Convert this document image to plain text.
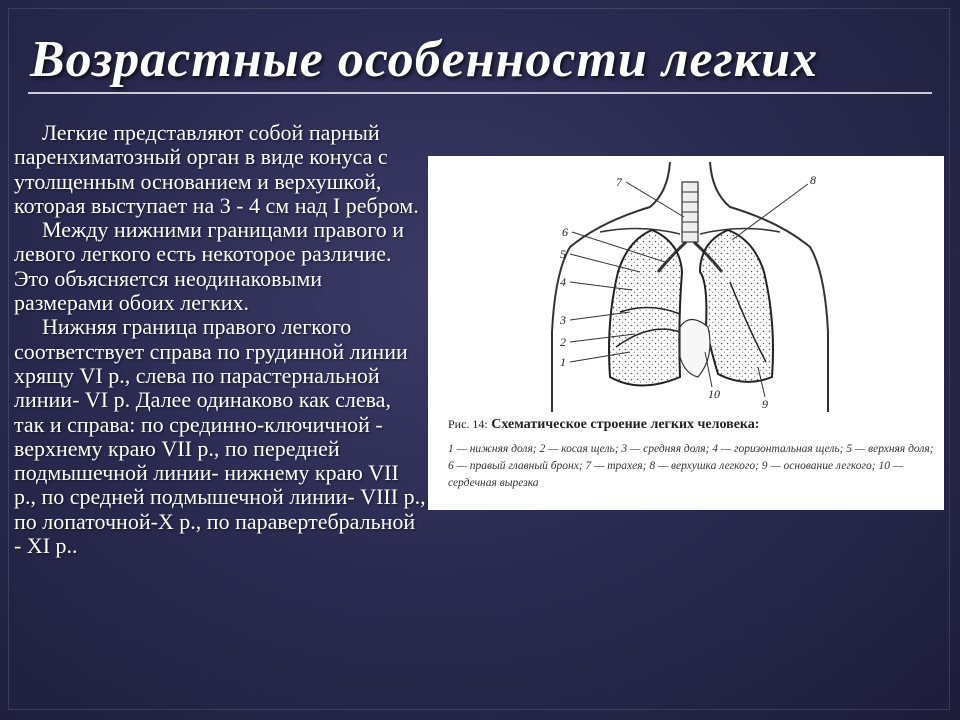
Возрастные особенности легких

Легкие представляют собой парный паренхиматозный орган в виде конуса с утолщенным основанием и верхушкой, которая выступает на 3 - 4 см над I ребром.

Между нижними границами правого и левого легкого есть некоторое различие. Это объясняется неодинаковыми размерами обоих легких.

Нижняя граница правого легкого соответствует справа по грудинной линии хрящу VI р., слева по парастернальной линии- VI р. Далее одинаково как слева, так и справа: по срединно-ключичной - верхнему краю VII р., по передней подмышечной линии- нижнему краю VII р., по средней подмышечной линии- VIII р., по лопаточной-X р., по паравертебральной - XI р..

1
2
3
4
5
6
7	8
9
10
Рис. 14: Схематическое строение легких человека:
1 — нижняя доля; 2 — косая щель; 3 — средняя доля; 4 — горизонтальная щель; 5 — верхняя доля; 6 — правый главный бронх; 7 — трахея; 8 — верхушка легкого; 9 — основание легкого; 10 — сердечная вырезка
